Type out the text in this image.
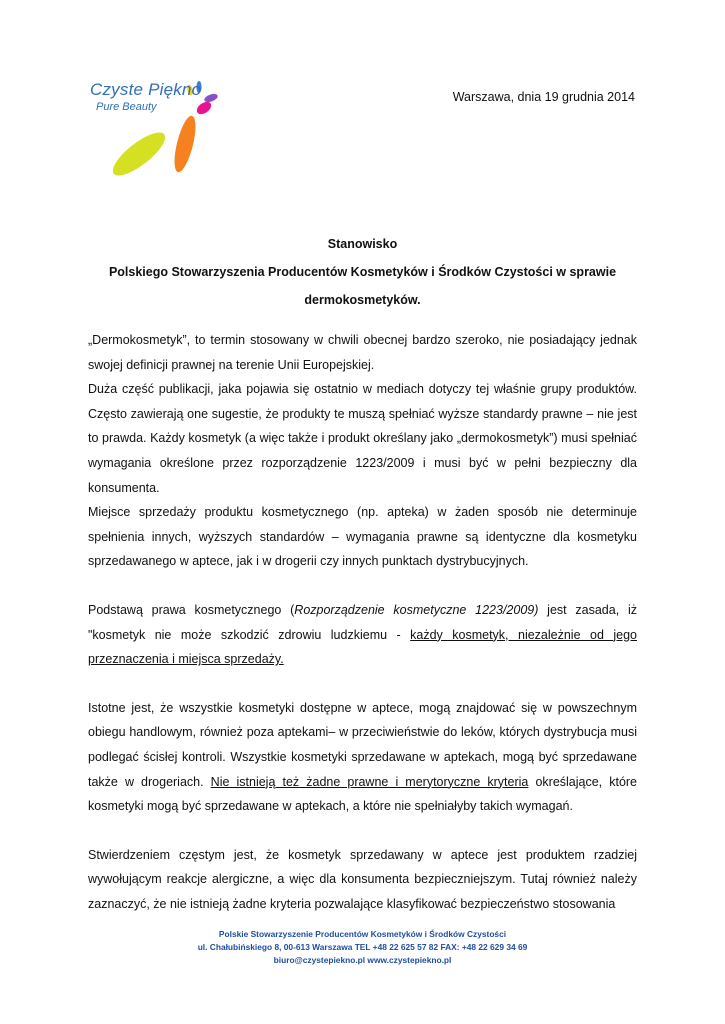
Czyste Piękno
Pure Beauty
Warszawa, dnia 19 grudnia 2014
Stanowisko
Polskiego Stowarzyszenia Producentów Kosmetyków i Środków Czystości w sprawie
dermokosmetyków.

„Dermokosmetyk”, to termin stosowany w chwili obecnej bardzo szeroko, nie posiadający jednak swojej definicji prawnej na terenie Unii Europejskiej.

Duża część publikacji, jaka pojawia się ostatnio w mediach dotyczy tej właśnie grupy produktów. Często zawierają one sugestie, że produkty te muszą spełniać wyższe standardy prawne – nie jest to prawda. Każdy kosmetyk (a więc także i produkt określany jako „dermokosmetyk”) musi spełniać wymagania określone przez rozporządzenie 1223/2009 i musi być w pełni bezpieczny dla konsumenta.

Miejsce sprzedaży produktu kosmetycznego (np. apteka) w żaden sposób nie determinuje spełnienia innych, wyższych standardów – wymagania prawne są identyczne dla kosmetyku sprzedawanego w aptece, jak i w drogerii czy innych punktach dystrybucyjnych.

Podstawą prawa kosmetycznego (Rozporządzenie kosmetyczne 1223/2009) jest zasada, iż "kosmetyk nie może szkodzić zdrowiu ludzkiemu - każdy kosmetyk, niezależnie od jego przeznaczenia i miejsca sprzedaży.

Istotne jest, że wszystkie kosmetyki dostępne w aptece, mogą znajdować się w powszechnym obiegu handlowym, również poza aptekami– w przeciwieństwie do leków, których dystrybucja musi podlegać ścisłej kontroli. Wszystkie kosmetyki sprzedawane w aptekach, mogą być sprzedawane także w drogeriach. Nie istnieją też żadne prawne i merytoryczne kryteria określające, które kosmetyki mogą być sprzedawane w aptekach, a które nie spełniałyby takich wymagań.

Stwierdzeniem częstym jest, że kosmetyk sprzedawany w aptece jest produktem rzadziej wywołującym reakcje alergiczne, a więc dla konsumenta bezpieczniejszym. Tutaj również należy zaznaczyć, że nie istnieją żadne kryteria pozwalające klasyfikować bezpieczeństwo stosowania

Polskie Stowarzyszenie Producentów Kosmetyków i Środków Czystości
ul. Chałubińskiego 8, 00-613 Warszawa TEL +48 22 625 57 82 FAX: +48 22 629 34 69
biuro@czystepiekno.pl www.czystepiekno.pl
